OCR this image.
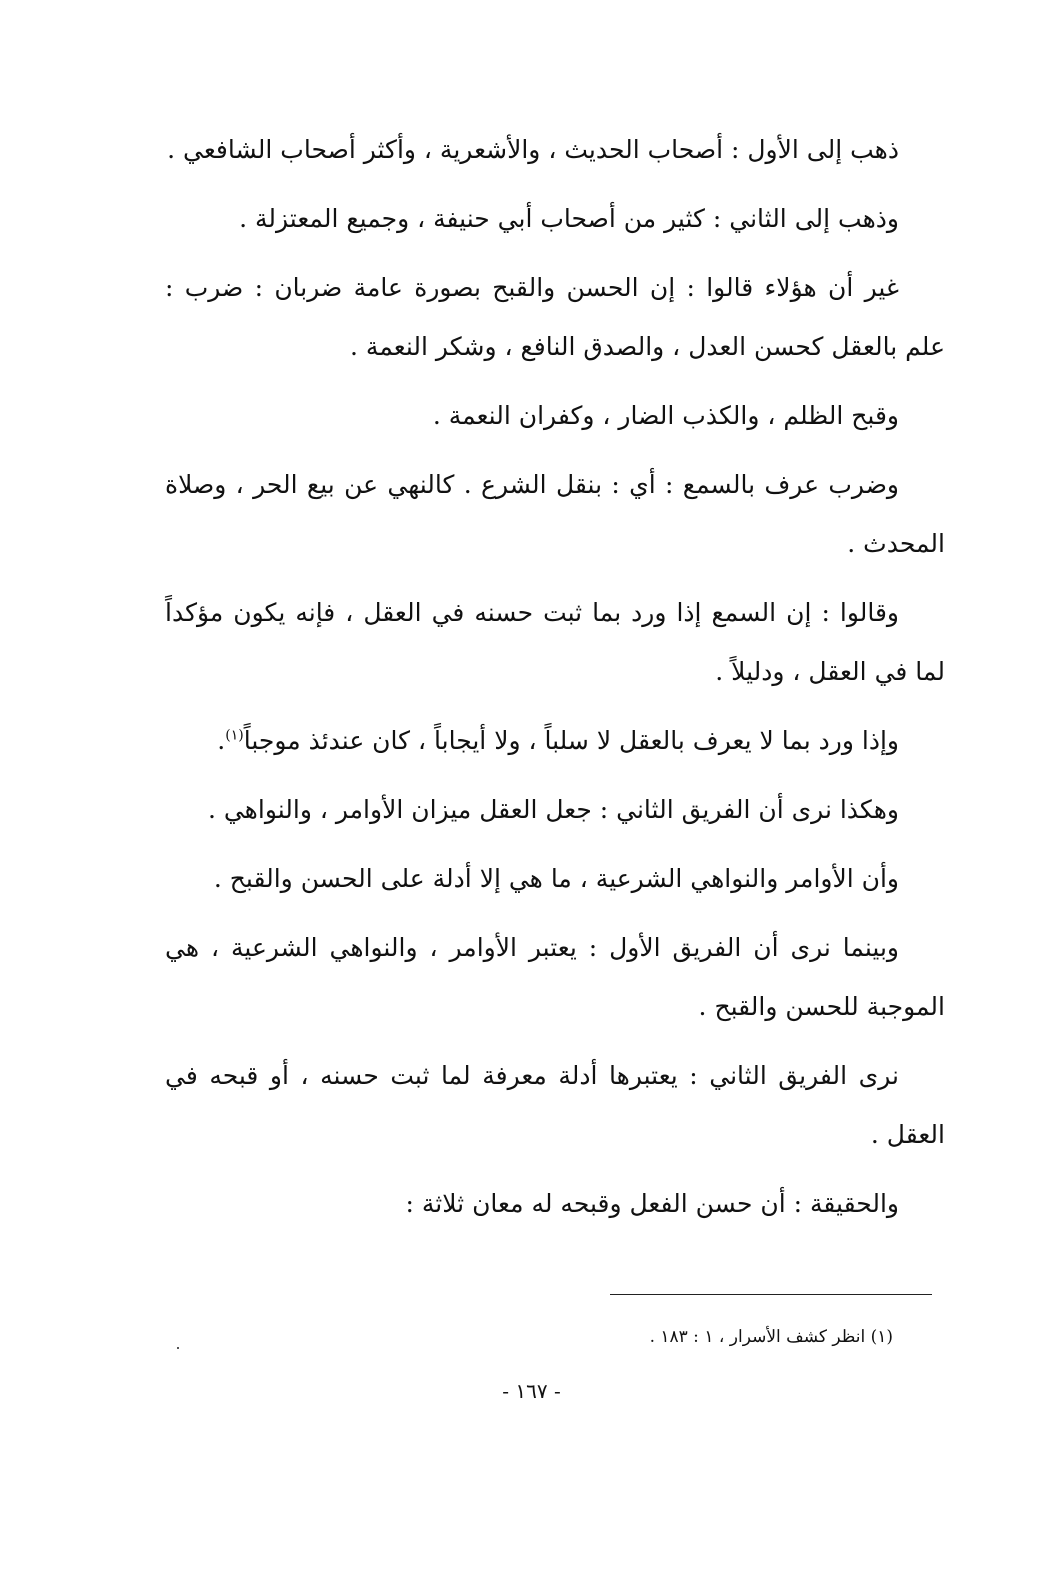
ذهب إلى الأول : أصحاب الحديث ، والأشعرية ، وأكثر أصحاب الشافعي .

وذهب إلى الثاني : كثير من أصحاب أبي حنيفة ، وجميع المعتزلة .

غير أن هؤلاء قالوا : إن الحسن والقبح بصورة عامة ضربان : ضرب : علم بالعقل كحسن العدل ، والصدق النافع ، وشكر النعمة .

وقبح الظلم ، والكذب الضار ، وكفران النعمة .

وضرب عرف بالسمع : أي : بنقل الشرع . كالنهي عن بيع الحر ، وصلاة المحدث .

وقالوا : إن السمع إذا ورد بما ثبت حسنه في العقل ، فإنه يكون مؤكداً لما في العقل ، ودليلاً .

وإذا ورد بما لا يعرف بالعقل لا سلباً ، ولا أيجاباً ، كان عندئذ موجباً$^{(١)}$.

وهكذا نرى أن الفريق الثاني : جعل العقل ميزان الأوامر ، والنواهي .

وأن الأوامر والنواهي الشرعية ، ما هي إلا أدلة على الحسن والقبح .

وبينما نرى أن الفريق الأول : يعتبر الأوامر ، والنواهي الشرعية ، هي الموجبة للحسن والقبح .

نرى الفريق الثاني : يعتبرها أدلة معرفة لما ثبت حسنه ، أو قبحه في العقل .

والحقيقة : أن حسن الفعل وقبحه له معان ثلاثة :

(١) انظر كشف الأسرار ، ١ : ١٨٣ .
- ١٦٧ -
